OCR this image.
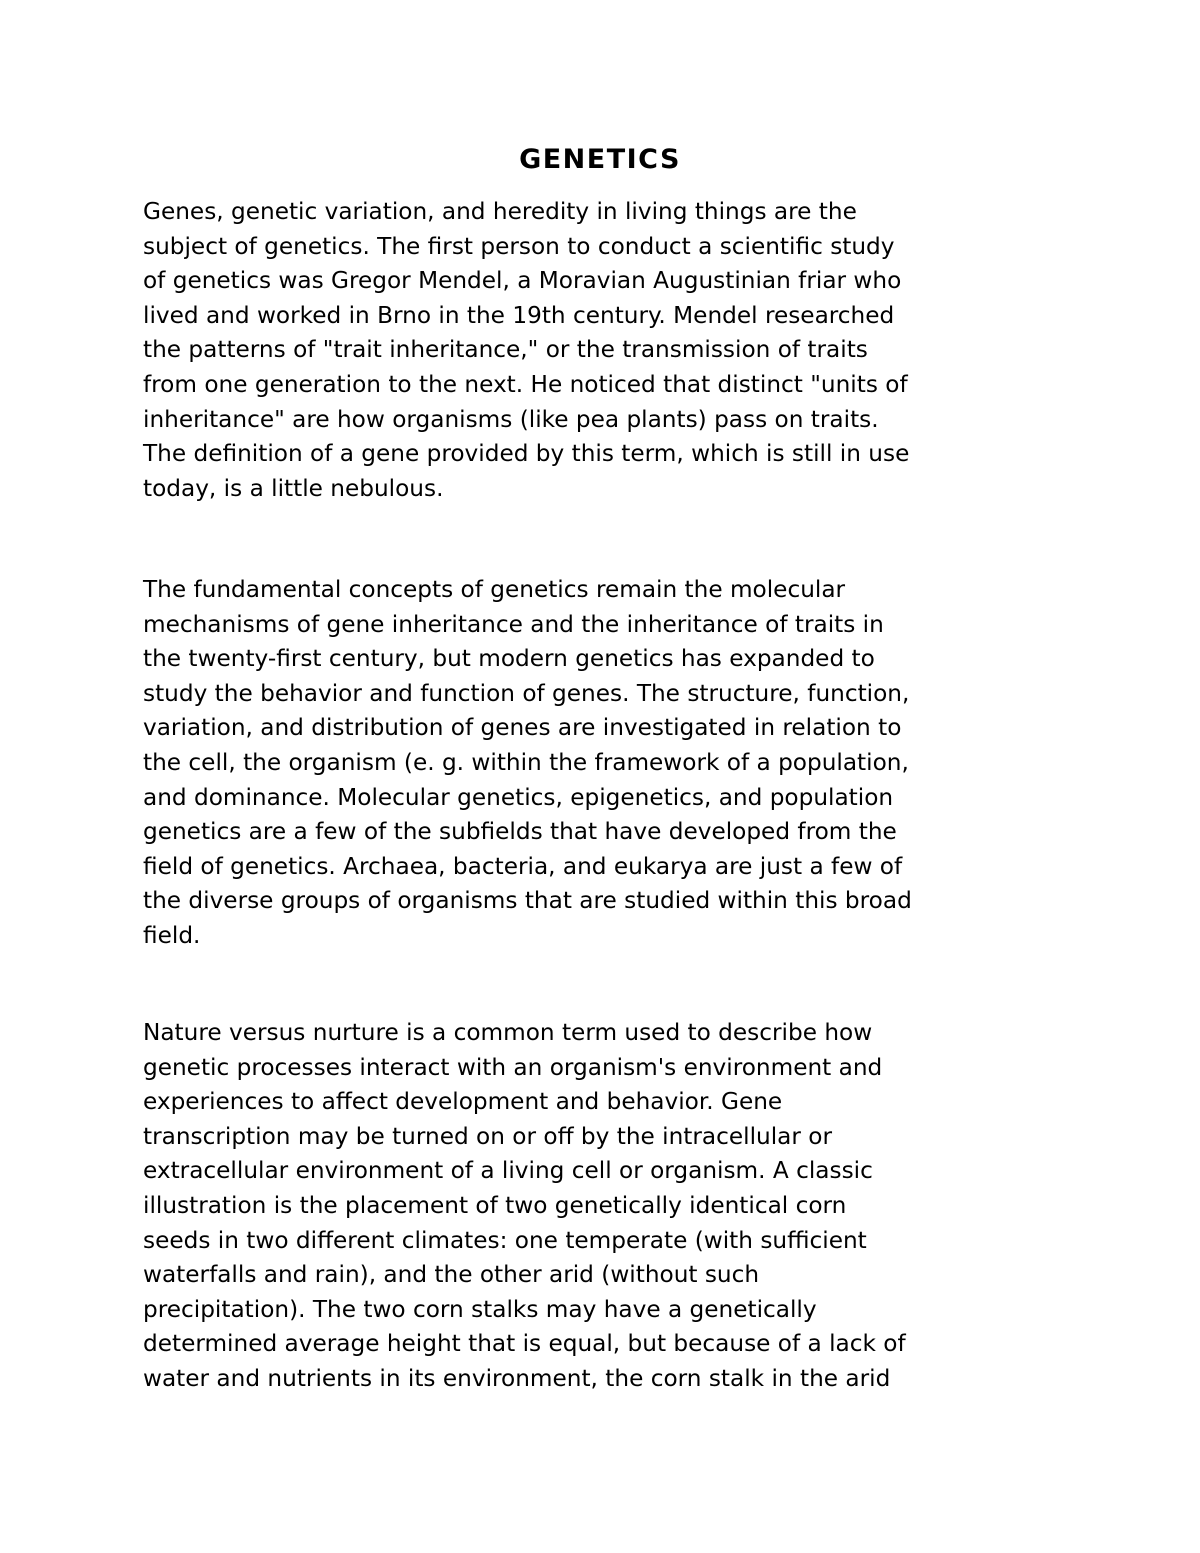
GENETICS
Genes, genetic variation, and heredity in living things are the
subject of genetics. The first person to conduct a scientific study
of genetics was Gregor Mendel, a Moravian Augustinian friar who
lived and worked in Brno in the 19th century. Mendel researched
the patterns of "trait inheritance," or the transmission of traits
from one generation to the next. He noticed that distinct "units of
inheritance" are how organisms (like pea plants) pass on traits.
The definition of a gene provided by this term, which is still in use
today, is a little nebulous.
The fundamental concepts of genetics remain the molecular
mechanisms of gene inheritance and the inheritance of traits in
the twenty-first century, but modern genetics has expanded to
study the behavior and function of genes. The structure, function,
variation, and distribution of genes are investigated in relation to
the cell, the organism (e. g. within the framework of a population,
and dominance. Molecular genetics, epigenetics, and population
genetics are a few of the subfields that have developed from the
field of genetics. Archaea, bacteria, and eukarya are just a few of
the diverse groups of organisms that are studied within this broad
field.
Nature versus nurture is a common term used to describe how
genetic processes interact with an organism's environment and
experiences to affect development and behavior. Gene
transcription may be turned on or off by the intracellular or
extracellular environment of a living cell or organism. A classic
illustration is the placement of two genetically identical corn
seeds in two different climates: one temperate (with sufficient
waterfalls and rain), and the other arid (without such
precipitation). The two corn stalks may have a genetically
determined average height that is equal, but because of a lack of
water and nutrients in its environment, the corn stalk in the arid
